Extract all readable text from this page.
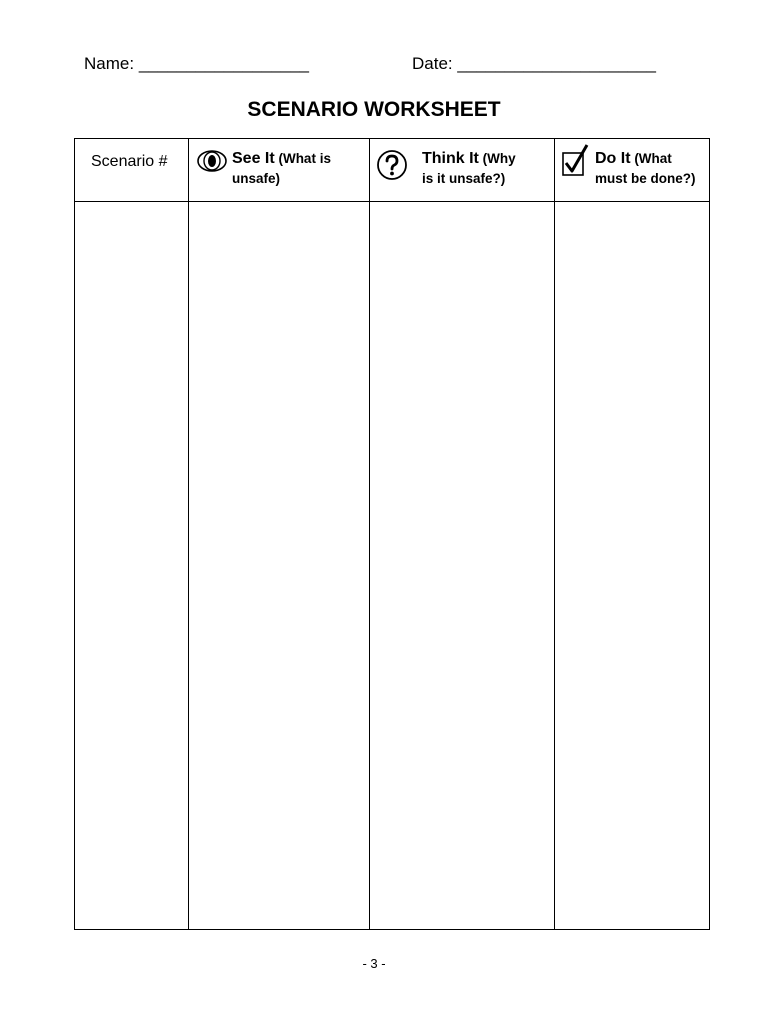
Name: __________________	Date: _____________________
SCENARIO WORKSHEET
Scenario #	See It (What is
unsafe)
Think It (Why
is it unsafe?)
Do It (What
must be done?)
- 3 -
